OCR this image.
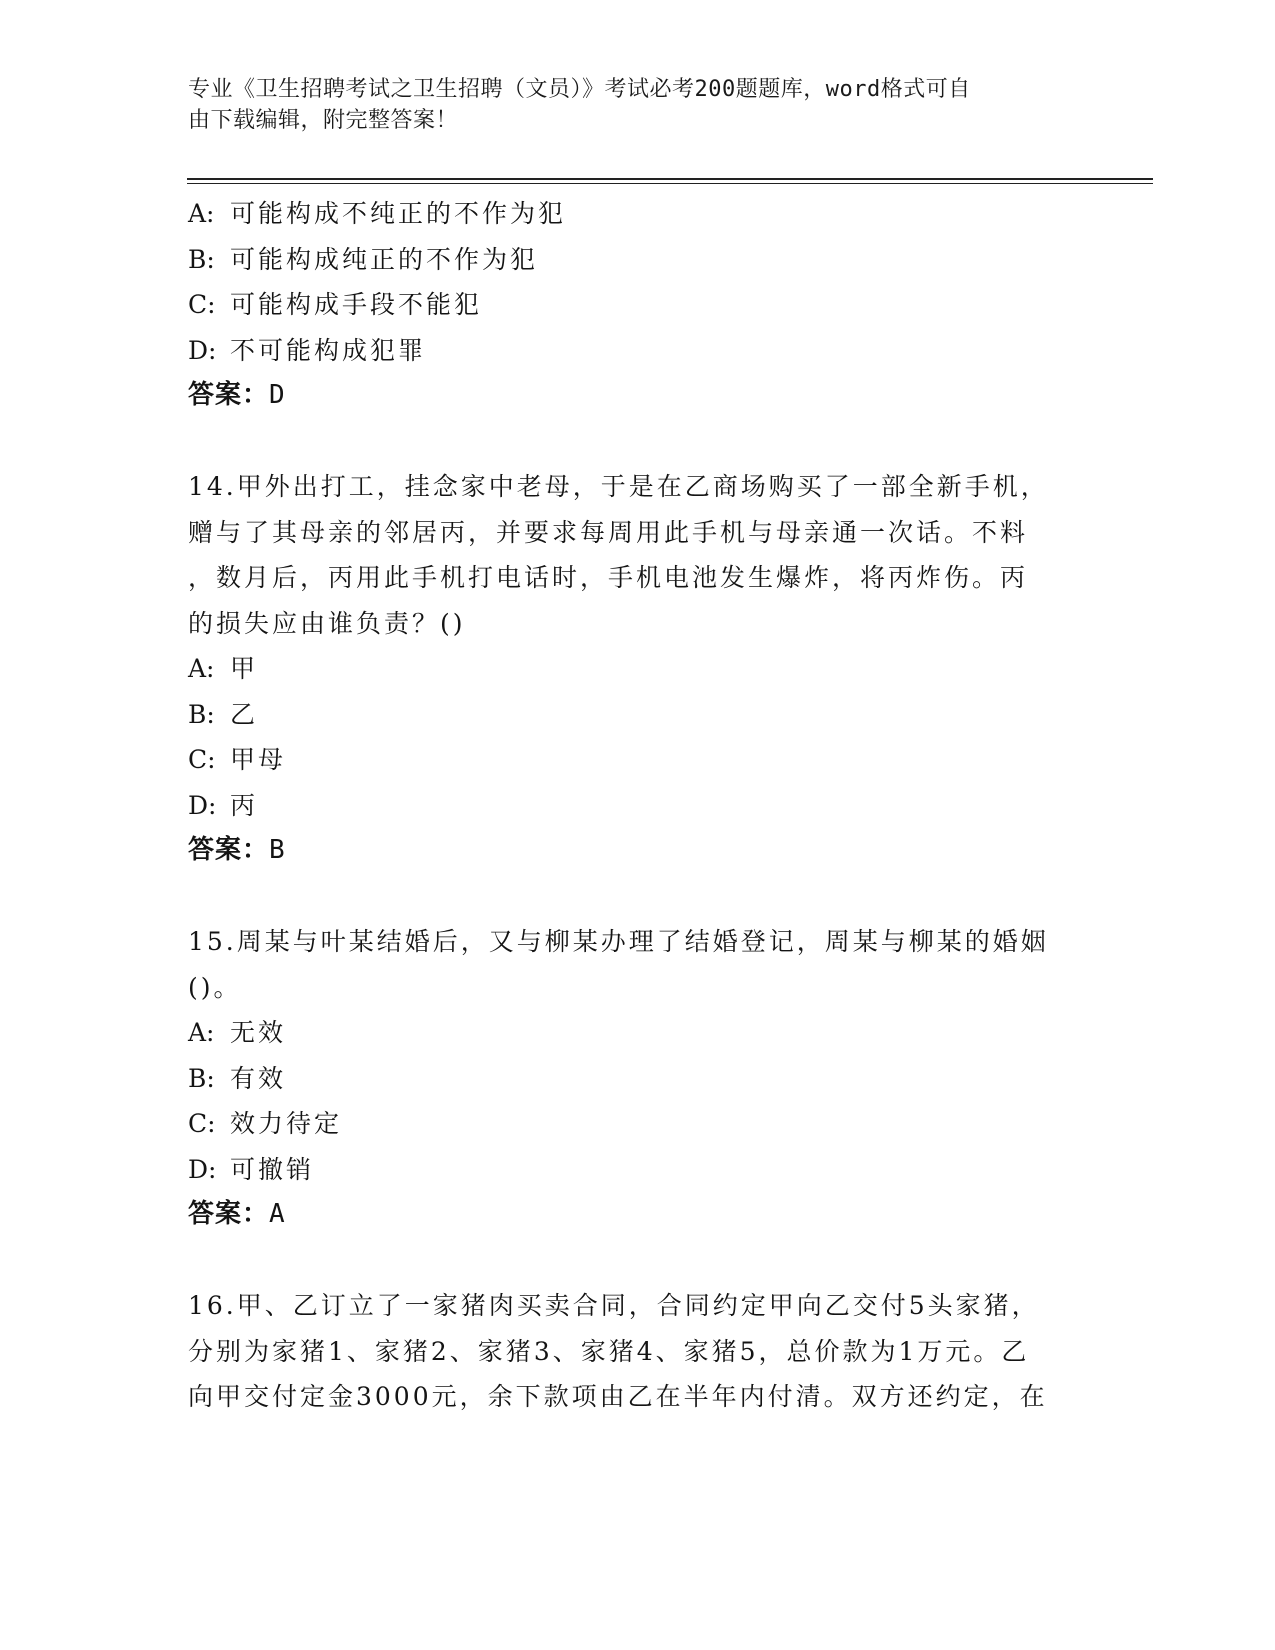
专业《卫生招聘考试之卫生招聘（文员）》考试必考200题题库，word格式可自
由下载编辑，附完整答案！
A: 可能构成不纯正的不作为犯
B: 可能构成纯正的不作为犯
C: 可能构成手段不能犯
D: 不可能构成犯罪
答案：D
14.甲外出打工，挂念家中老母，于是在乙商场购买了一部全新手机，
赠与了其母亲的邻居丙，并要求每周用此手机与母亲通一次话。不料
，数月后，丙用此手机打电话时，手机电池发生爆炸，将丙炸伤。丙
的损失应由谁负责？()
A: 甲
B: 乙
C: 甲母
D: 丙
答案：B
15.周某与叶某结婚后，又与柳某办理了结婚登记，周某与柳某的婚姻
()。
A: 无效
B: 有效
C: 效力待定
D: 可撤销
答案：A
16.甲、乙订立了一家猪肉买卖合同，合同约定甲向乙交付5头家猪，
分别为家猪1、家猪2、家猪3、家猪4、家猪5，总价款为1万元。乙
向甲交付定金3000元，余下款项由乙在半年内付清。双方还约定，在
